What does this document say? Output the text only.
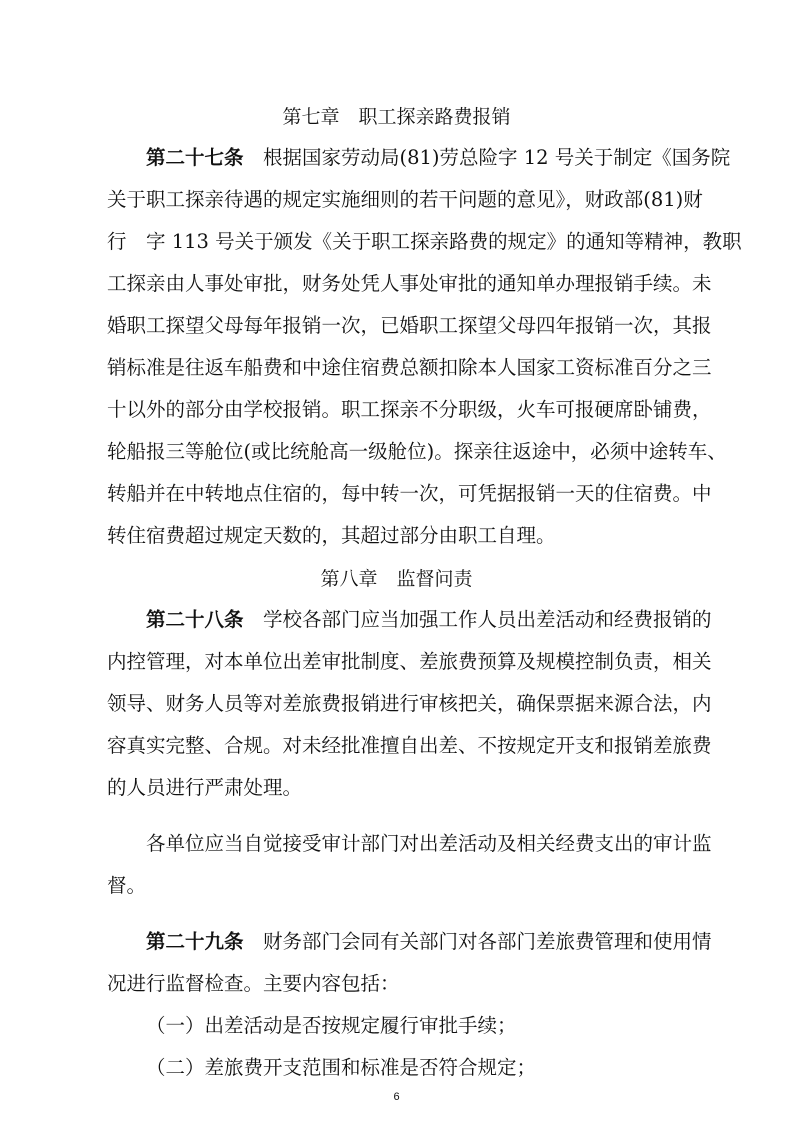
第七章　职工探亲路费报销
第二十七条　根据国家劳动局(81)劳总险字 12 号关于制定《国务院
关于职工探亲待遇的规定实施细则的若干问题的意见》，财政部(81)财
行　字 113 号关于颁发《关于职工探亲路费的规定》的通知等精神，教职
工探亲由人事处审批，财务处凭人事处审批的通知单办理报销手续。未
婚职工探望父母每年报销一次，已婚职工探望父母四年报销一次，其报
销标准是往返车船费和中途住宿费总额扣除本人国家工资标准百分之三
十以外的部分由学校报销。职工探亲不分职级，火车可报硬席卧铺费，
轮船报三等舱位(或比统舱高一级舱位)。探亲往返途中，必须中途转车、
转船并在中转地点住宿的，每中转一次，可凭据报销一天的住宿费。中
转住宿费超过规定天数的，其超过部分由职工自理。
第八章　监督问责
第二十八条　学校各部门应当加强工作人员出差活动和经费报销的
内控管理，对本单位出差审批制度、差旅费预算及规模控制负责，相关
领导、财务人员等对差旅费报销进行审核把关，确保票据来源合法，内
容真实完整、合规。对未经批准擅自出差、不按规定开支和报销差旅费
的人员进行严肃处理。
各单位应当自觉接受审计部门对出差活动及相关经费支出的审计监
督。
第二十九条　财务部门会同有关部门对各部门差旅费管理和使用情
况进行监督检查。主要内容包括：
（一）出差活动是否按规定履行审批手续；
6
（二）差旅费开支范围和标准是否符合规定；
